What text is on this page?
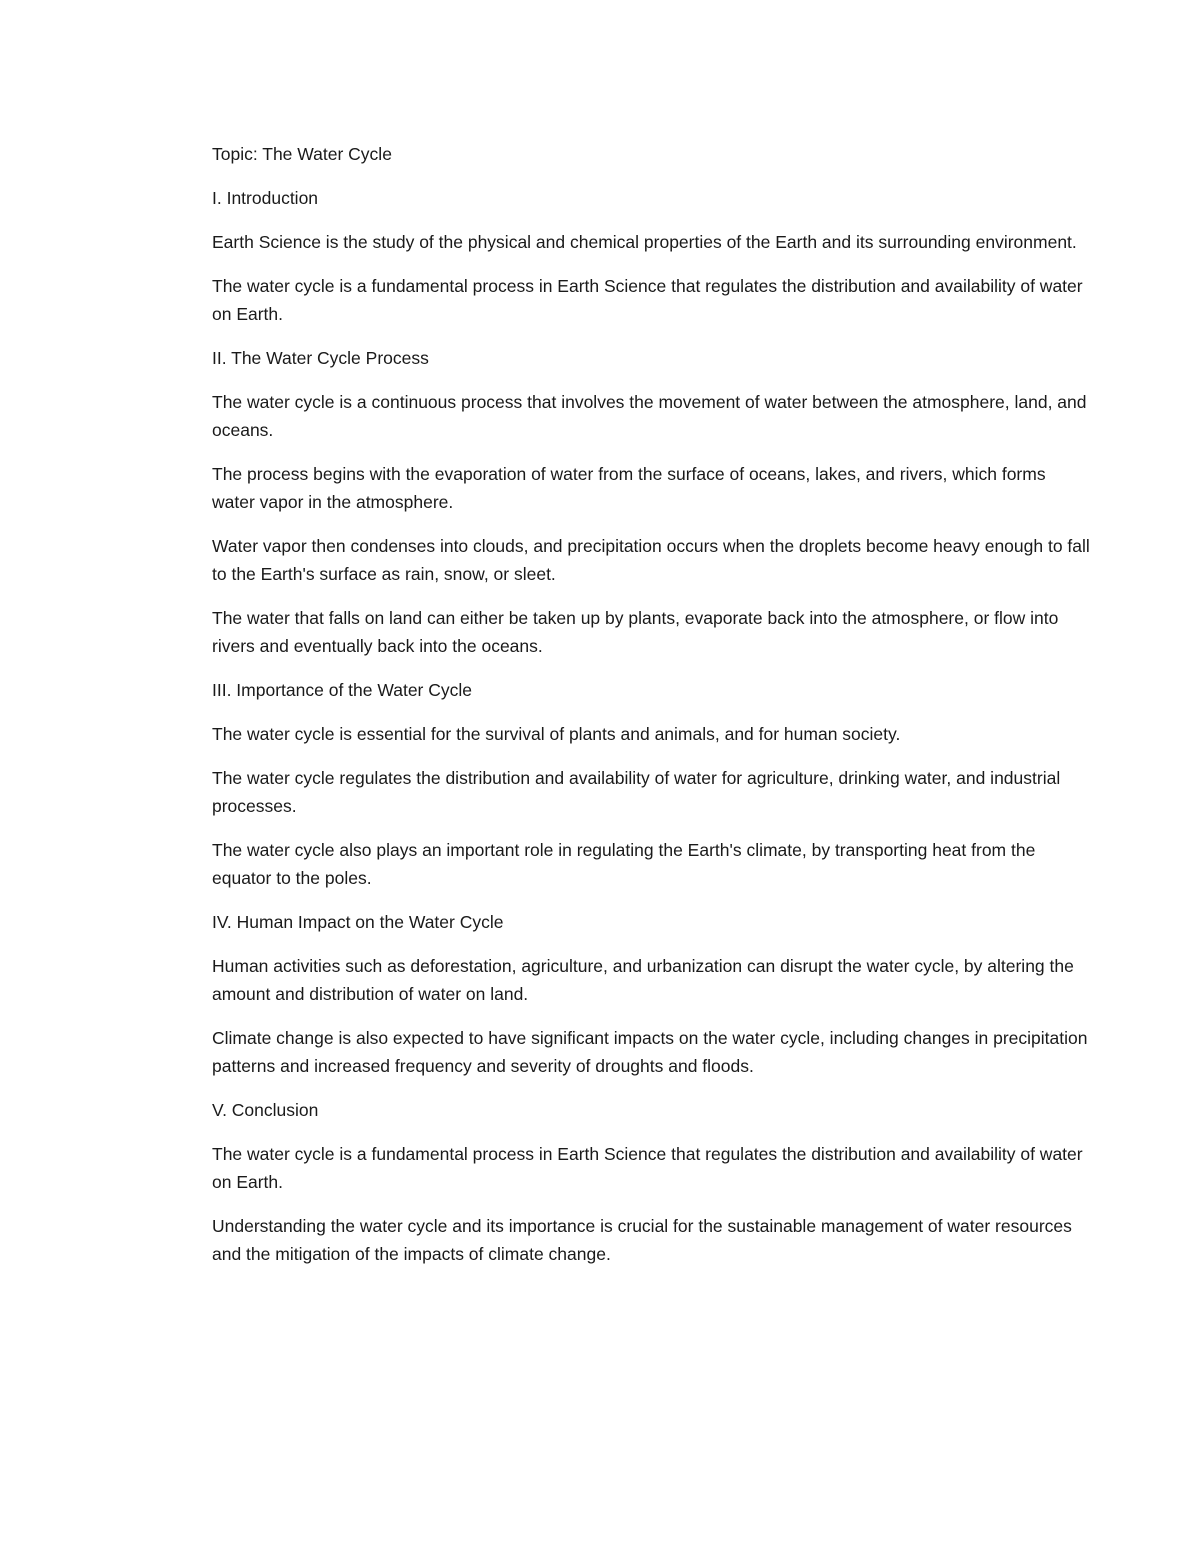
Topic: The Water Cycle

I. Introduction

Earth Science is the study of the physical and chemical properties of the Earth and its surrounding environment.

The water cycle is a fundamental process in Earth Science that regulates the distribution and availability of water on Earth.

II. The Water Cycle Process

The water cycle is a continuous process that involves the movement of water between the atmosphere, land, and oceans.

The process begins with the evaporation of water from the surface of oceans, lakes, and rivers, which forms water vapor in the atmosphere.

Water vapor then condenses into clouds, and precipitation occurs when the droplets become heavy enough to fall to the Earth's surface as rain, snow, or sleet.

The water that falls on land can either be taken up by plants, evaporate back into the atmosphere, or flow into rivers and eventually back into the oceans.

III. Importance of the Water Cycle

The water cycle is essential for the survival of plants and animals, and for human society.

The water cycle regulates the distribution and availability of water for agriculture, drinking water, and industrial processes.

The water cycle also plays an important role in regulating the Earth's climate, by transporting heat from the equator to the poles.

IV. Human Impact on the Water Cycle

Human activities such as deforestation, agriculture, and urbanization can disrupt the water cycle, by altering the amount and distribution of water on land.

Climate change is also expected to have significant impacts on the water cycle, including changes in precipitation patterns and increased frequency and severity of droughts and floods.

V. Conclusion

The water cycle is a fundamental process in Earth Science that regulates the distribution and availability of water on Earth.

Understanding the water cycle and its importance is crucial for the sustainable management of water resources and the mitigation of the impacts of climate change.
